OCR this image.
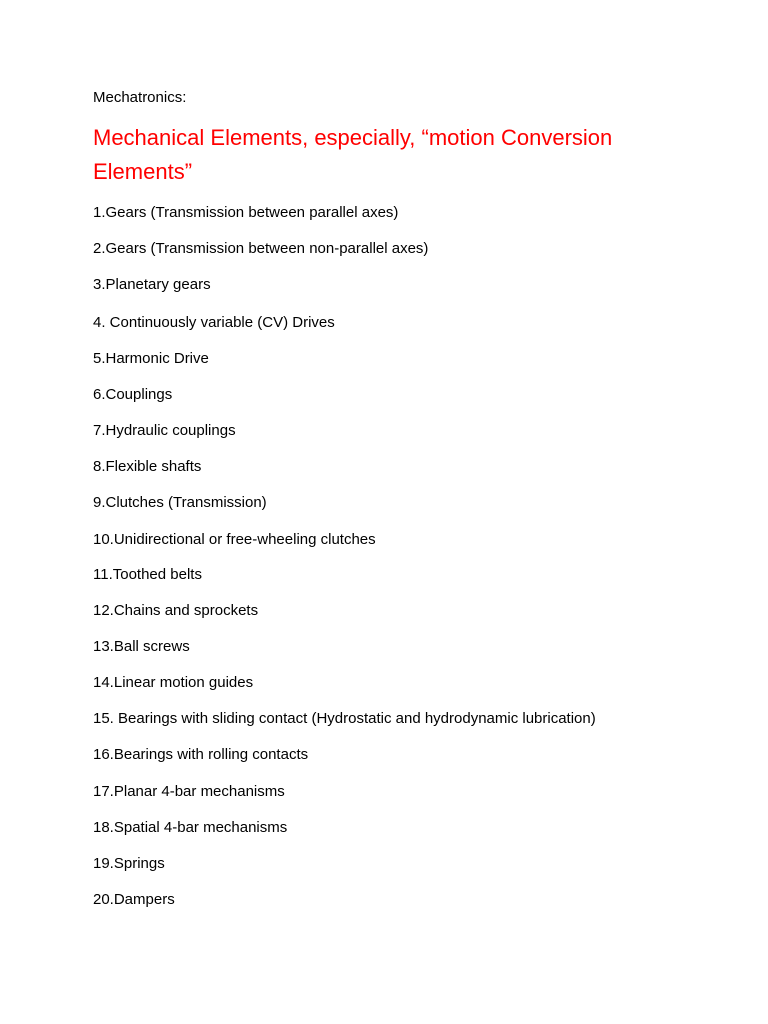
Mechatronics:
Mechanical Elements, especially, “motion Conversion Elements”
1.Gears (Transmission between parallel axes)
2.Gears (Transmission between non-parallel axes)
3.Planetary gears
4. Continuously variable (CV) Drives
5.Harmonic Drive
6.Couplings
7.Hydraulic couplings
8.Flexible shafts
9.Clutches (Transmission)
10.Unidirectional or free-wheeling clutches
11.Toothed belts
12.Chains and sprockets
13.Ball screws
14.Linear motion guides
15. Bearings with sliding contact (Hydrostatic and hydrodynamic lubrication)
16.Bearings with rolling contacts
17.Planar 4-bar mechanisms
18.Spatial 4-bar mechanisms
19.Springs
20.Dampers
